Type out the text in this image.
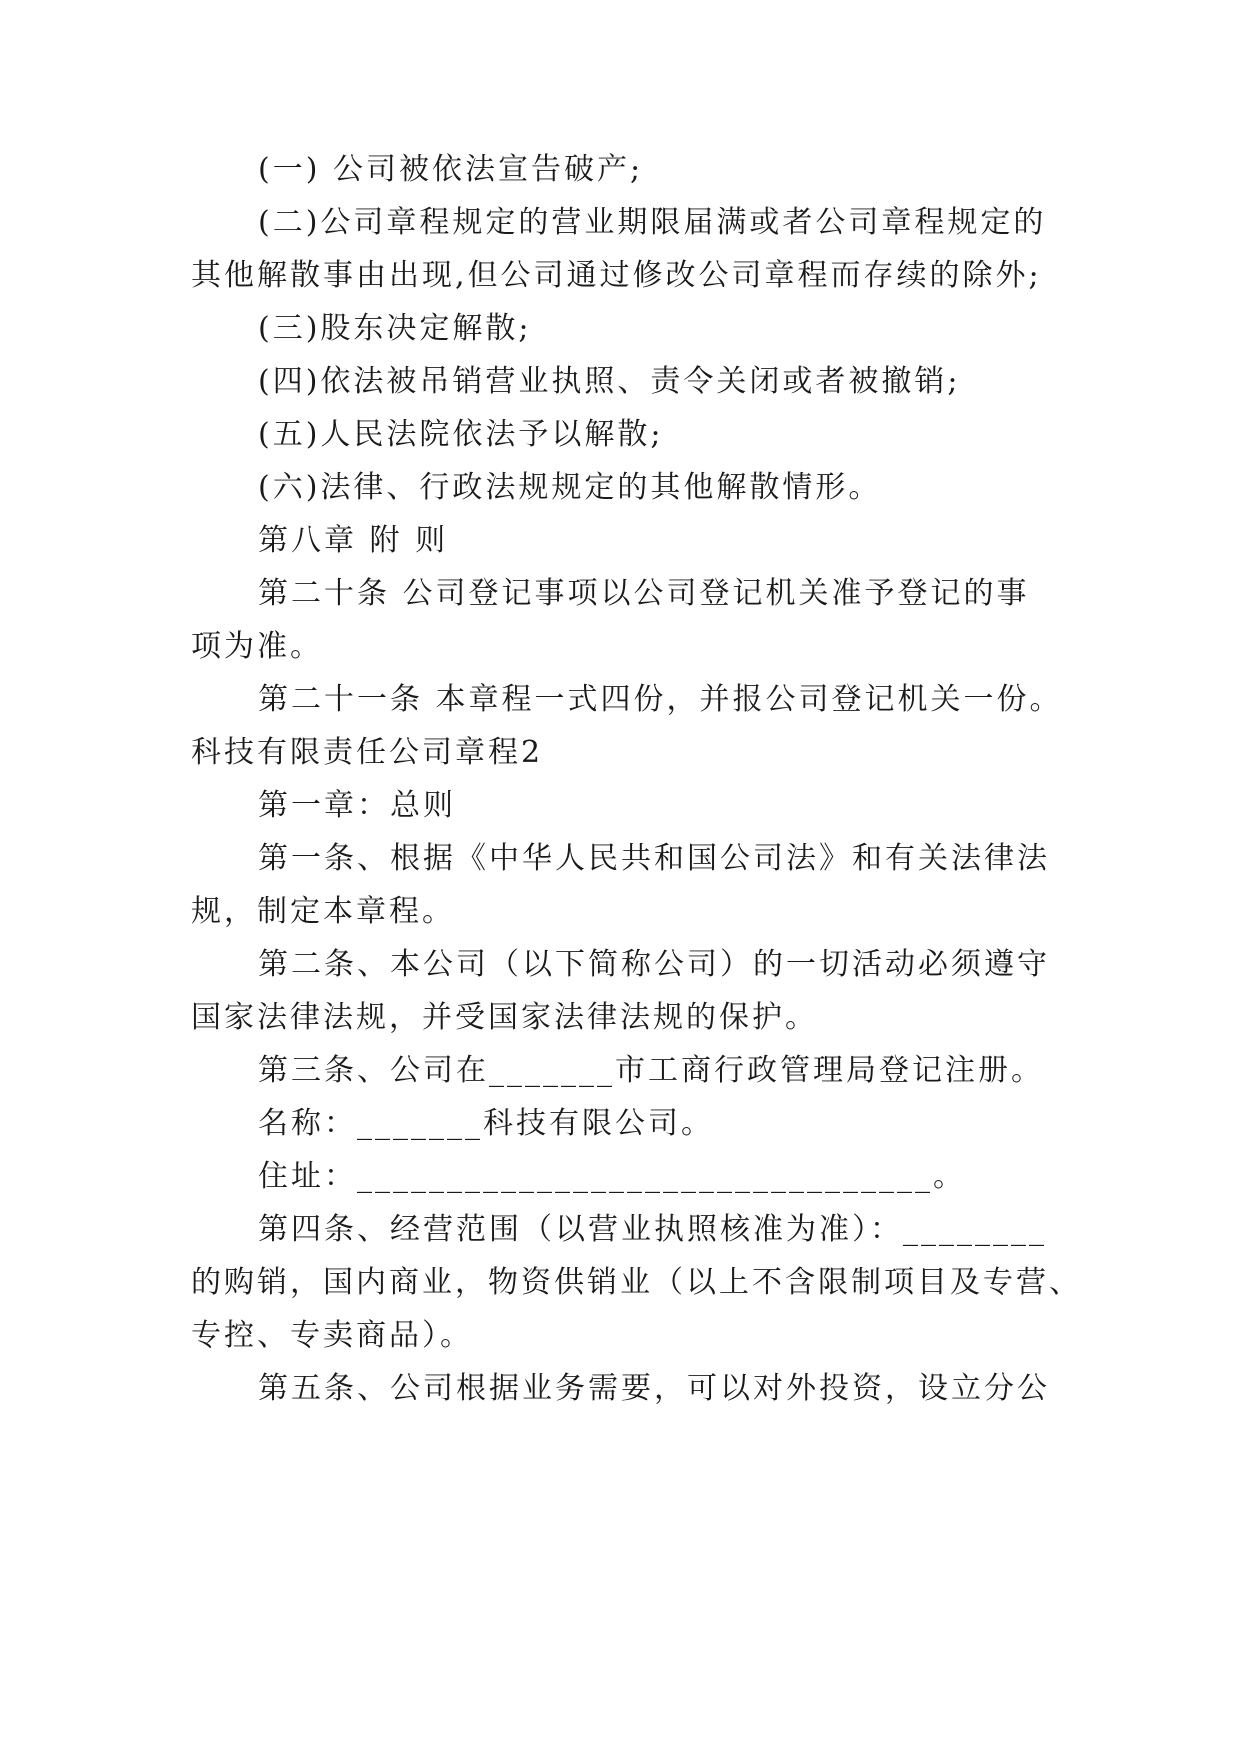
(一) 公司被依法宣告破产;
(二)公司章程规定的营业期限届满或者公司章程规定的
其他解散事由出现,但公司通过修改公司章程而存续的除外;
(三)股东决定解散;
(四)依法被吊销营业执照、责令关闭或者被撤销;
(五)人民法院依法予以解散;
(六)法律、行政法规规定的其他解散情形。
第八章 附 则
第二十条 公司登记事项以公司登记机关准予登记的事
项为准。
第二十一条 本章程一式四份，并报公司登记机关一份。
科技有限责任公司章程2
第一章：总则
第一条、根据《中华人民共和国公司法》和有关法律法
规，制定本章程。
第二条、本公司（以下简称公司）的一切活动必须遵守
国家法律法规，并受国家法律法规的保护。
第三条、公司在_______市工商行政管理局登记注册。
名称：_______科技有限公司。
住址：________________________________。
第四条、经营范围（以营业执照核准为准）：________
的购销，国内商业，物资供销业（以上不含限制项目及专营、
专控、专卖商品）。
第五条、公司根据业务需要，可以对外投资，设立分公
